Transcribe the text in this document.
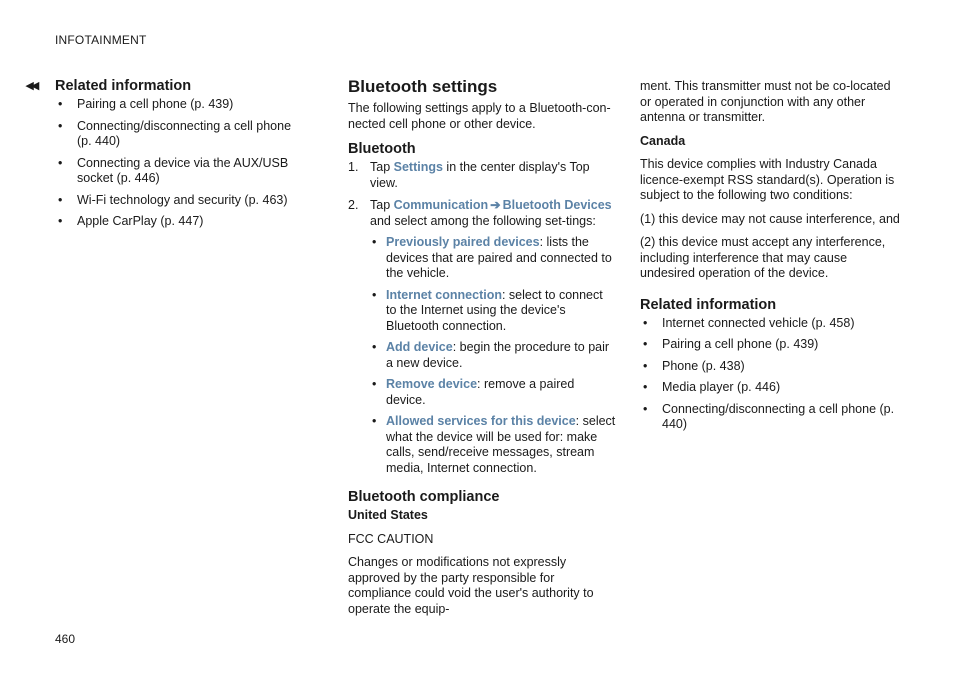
INFOTAINMENT
◂◂ Related information
• Pairing a cell phone (p. 439)
• Connecting/disconnecting a cell phone (p. 440)
• Connecting a device via the AUX/USB socket (p. 446)
• Wi-Fi technology and security (p. 463)
• Apple CarPlay (p. 447)
Bluetooth settings

The following settings apply to a Bluetooth-con-nected cell phone or other device.

Bluetooth
1. Tap Settings in the center display's Top view.
2. Tap Communication ➔ Bluetooth Devices and select among the following set-tings:
• Previously paired devices: lists the devices that are paired and connected to the vehicle.
• Internet connection: select to connect to the Internet using the device's Bluetooth connection.
• Add device: begin the procedure to pair a new device.
• Remove device: remove a paired device.
• Allowed services for this device: select what the device will be used for: make calls, send/receive messages, stream media, Internet connection.
Bluetooth compliance
United States

FCC CAUTION

Changes or modifications not expressly approved by the party responsible for compliance could void the user's authority to operate the equip-

ment. This transmitter must not be co-located or operated in conjunction with any other antenna or transmitter.

Canada

This device complies with Industry Canada licence-exempt RSS standard(s). Operation is subject to the following two conditions:

(1) this device may not cause interference, and

(2) this device must accept any interference, including interference that may cause undesired operation of the device.

Related information
• Internet connected vehicle (p. 458)
• Pairing a cell phone (p. 439)
• Phone (p. 438)
• Media player (p. 446)
• Connecting/disconnecting a cell phone (p. 440)
460
